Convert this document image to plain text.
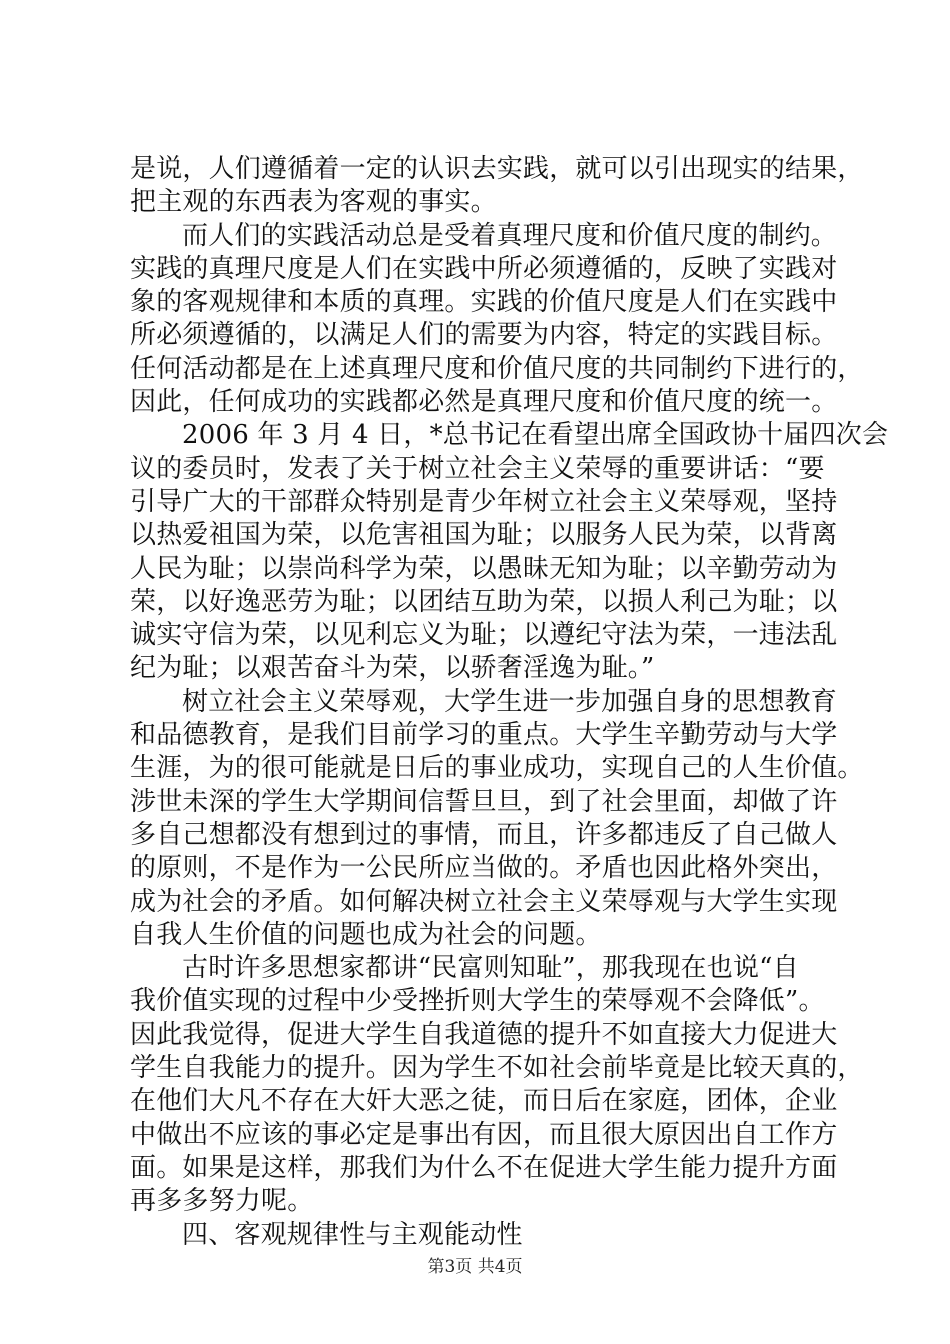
是说，人们遵循着一定的认识去实践，就可以引出现实的结果，
把主观的东西表为客观的事实。
而人们的实践活动总是受着真理尺度和价值尺度的制约。
实践的真理尺度是人们在实践中所必须遵循的，反映了实践对
象的客观规律和本质的真理。实践的价值尺度是人们在实践中
所必须遵循的，以满足人们的需要为内容，特定的实践目标。
任何活动都是在上述真理尺度和价值尺度的共同制约下进行的，
因此，任何成功的实践都必然是真理尺度和价值尺度的统一。
2006 年 3 月 4 日，*总书记在看望出席全国政协十届四次会
议的委员时，发表了关于树立社会主义荣辱的重要讲话：“要
引导广大的干部群众特别是青少年树立社会主义荣辱观，坚持
以热爱祖国为荣，以危害祖国为耻；以服务人民为荣，以背离
人民为耻；以崇尚科学为荣，以愚昧无知为耻；以辛勤劳动为
荣，以好逸恶劳为耻；以团结互助为荣，以损人利己为耻；以
诚实守信为荣，以见利忘义为耻；以遵纪守法为荣，一违法乱
纪为耻；以艰苦奋斗为荣，以骄奢淫逸为耻。”
树立社会主义荣辱观，大学生进一步加强自身的思想教育
和品德教育，是我们目前学习的重点。大学生辛勤劳动与大学
生涯，为的很可能就是日后的事业成功，实现自己的人生价值。
涉世未深的学生大学期间信誓旦旦，到了社会里面，却做了许
多自己想都没有想到过的事情，而且，许多都违反了自己做人
的原则，不是作为一公民所应当做的。矛盾也因此格外突出，
成为社会的矛盾。如何解决树立社会主义荣辱观与大学生实现
自我人生价值的问题也成为社会的问题。
古时许多思想家都讲“民富则知耻”，那我现在也说“自
我价值实现的过程中少受挫折则大学生的荣辱观不会降低”。
因此我觉得，促进大学生自我道德的提升不如直接大力促进大
学生自我能力的提升。因为学生不如社会前毕竟是比较天真的，
在他们大凡不存在大奸大恶之徒，而日后在家庭，团体，企业
中做出不应该的事必定是事出有因，而且很大原因出自工作方
面。如果是这样，那我们为什么不在促进大学生能力提升方面
再多多努力呢。
四、客观规律性与主观能动性
第3页 共4页
